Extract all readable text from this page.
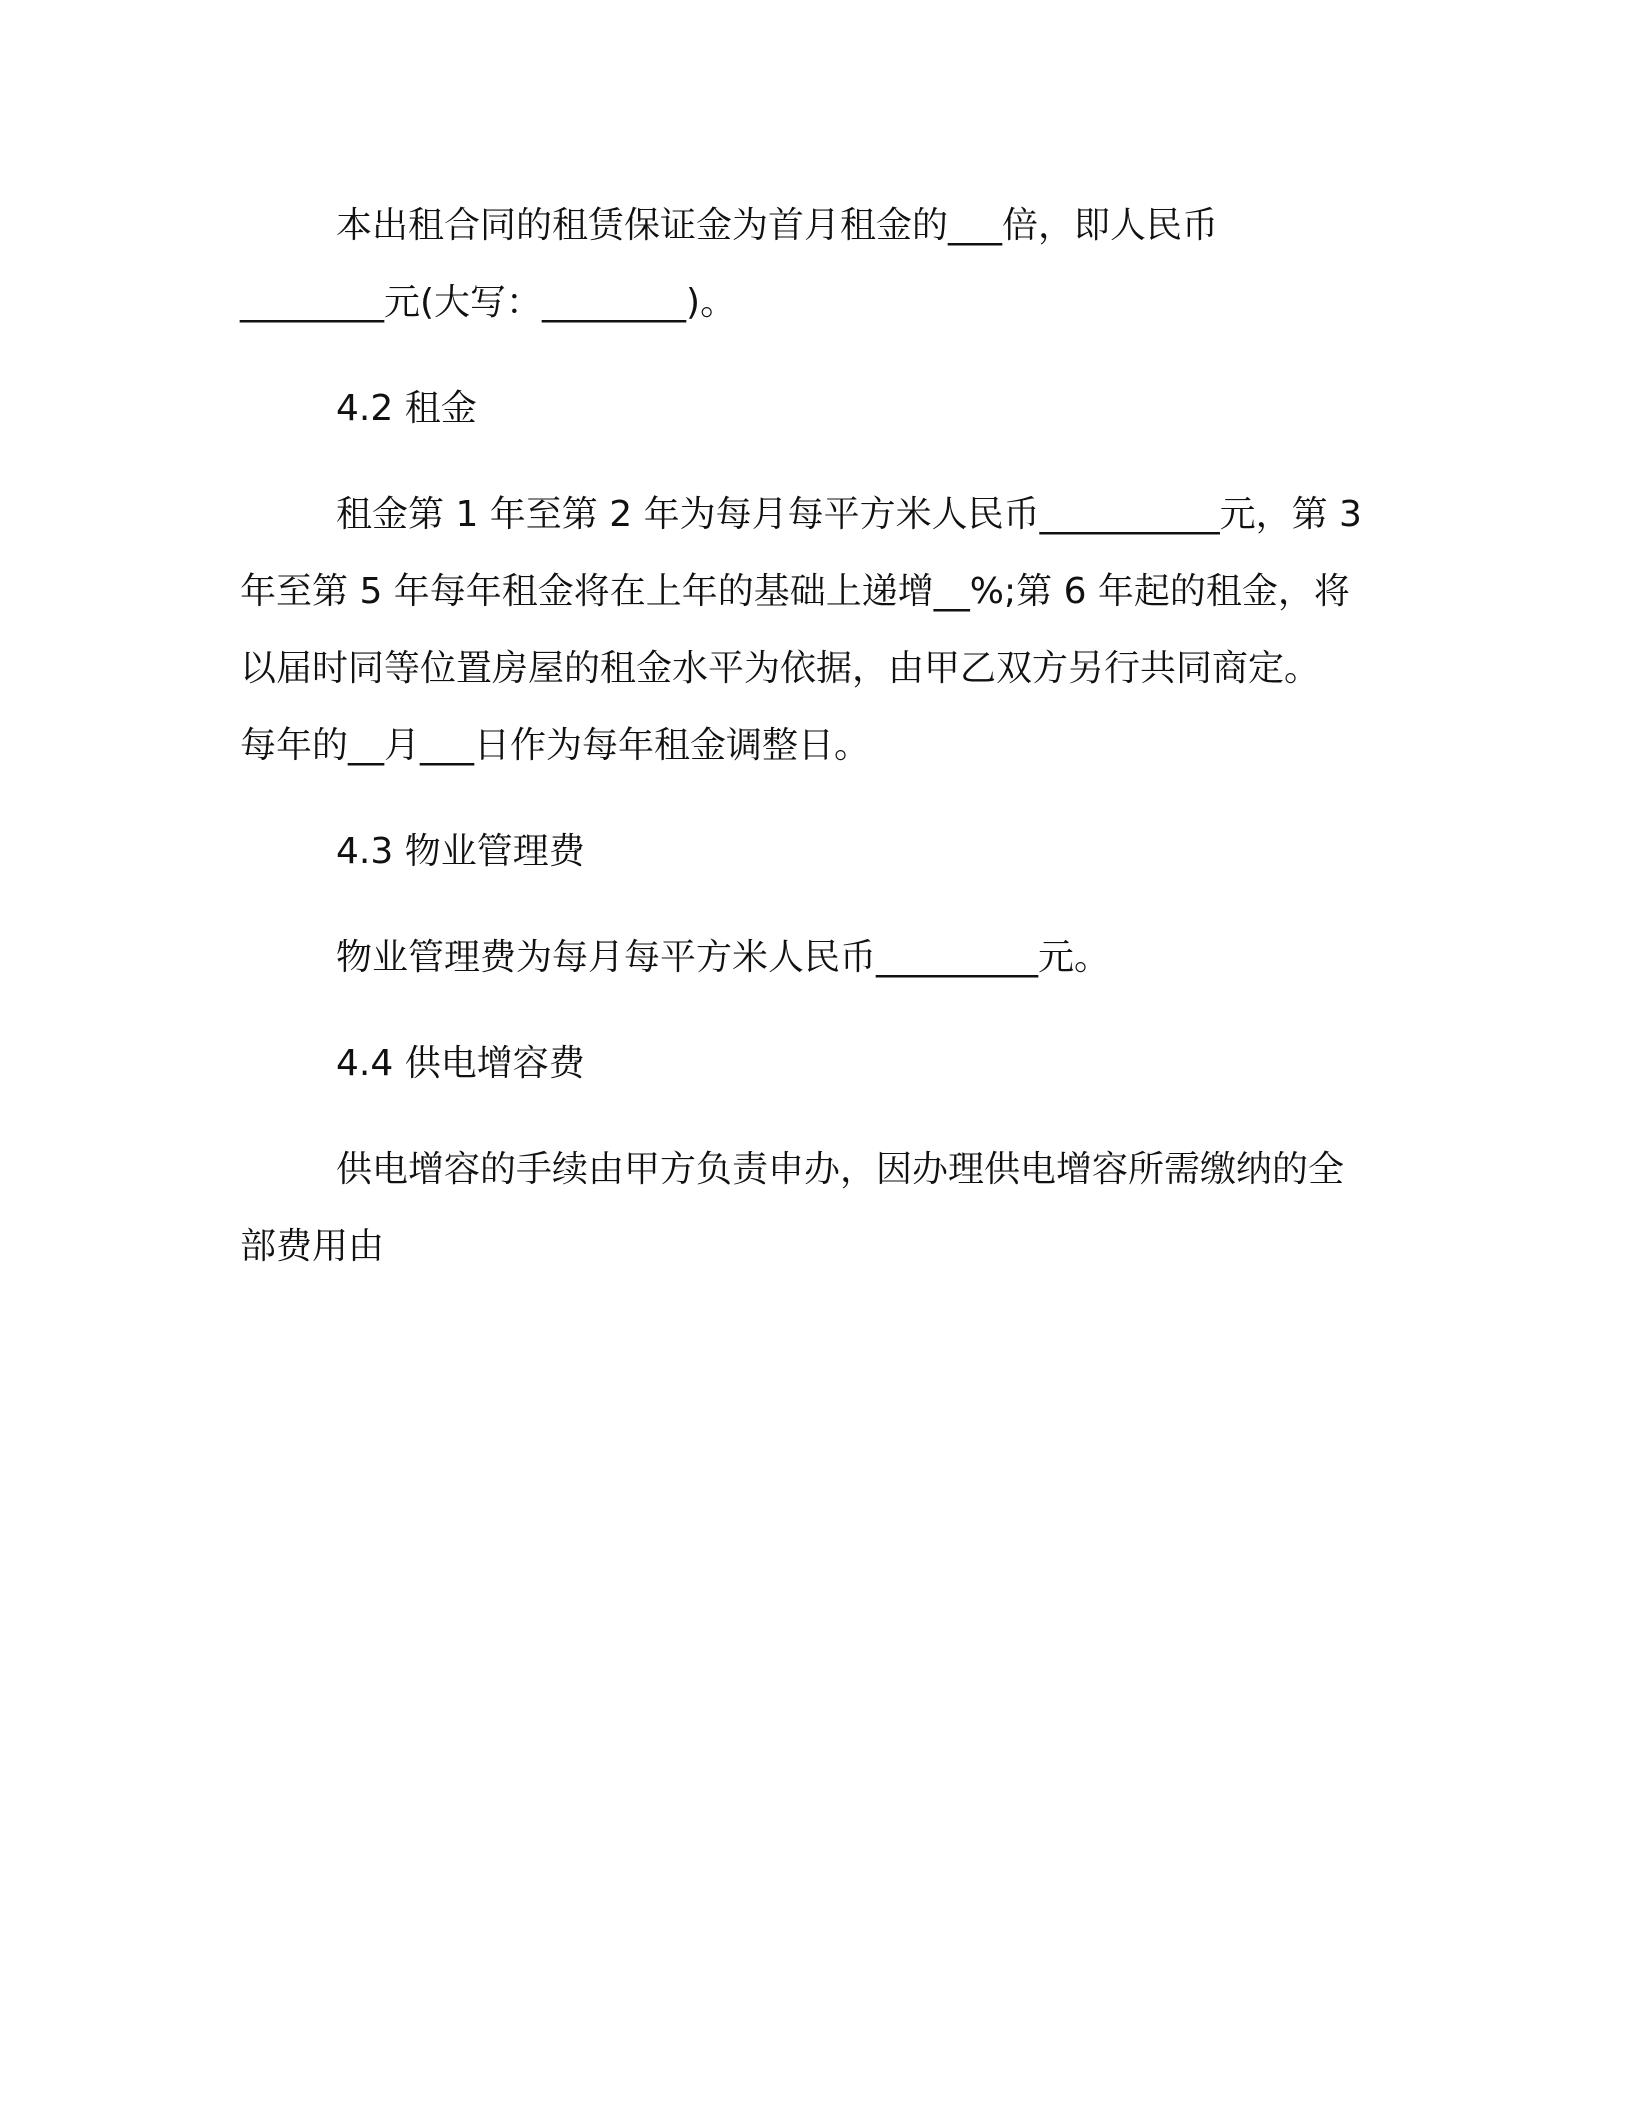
本出租合同的租赁保证金为首月租金的___倍，即人民币
________元(大写：________)。
4.2 租金
租金第 1 年至第 2 年为每月每平方米人民币__________元，第 3
年至第 5 年每年租金将在上年的基础上递增__%;第 6 年起的租金，将
以届时同等位置房屋的租金水平为依据，由甲乙双方另行共同商定。
每年的__月___日作为每年租金调整日。
4.3 物业管理费
物业管理费为每月每平方米人民币_________元。
4.4 供电增容费
供电增容的手续由甲方负责申办，因办理供电增容所需缴纳的全
部费用由
